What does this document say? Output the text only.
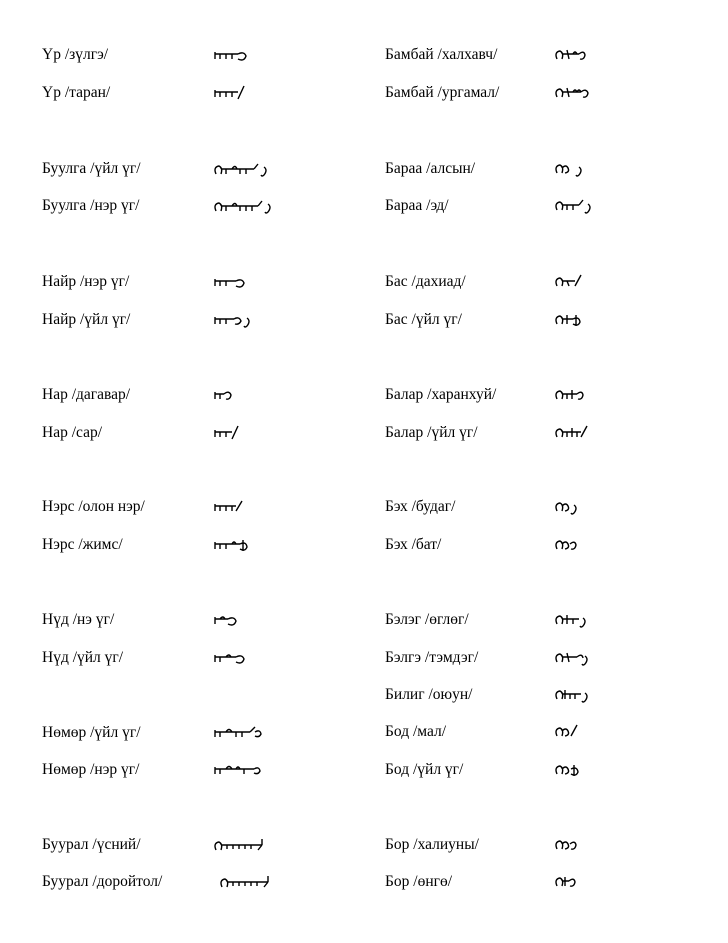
Үр /зүлгэ/
Үр /таран/
Буулга /үйл үг/
Буулга /нэр үг/
Найр /нэр үг/
Найр /үйл үг/
Нар /дагавар/
Нар /сар/
Нэрс /олон нэр/
Нэрс /жимс/
Нүд /нэ үг/
Нүд /үйл үг/
Нөмөр /үйл үг/
Нөмөр /нэр үг/
Буурал /үсний/
Буурал /доройтол/
Бамбай /халхавч/
Бамбай /ургамал/
Бараа /алсын/
Бараа /эд/
Бас /дахиад/
Бас /үйл үг/
Балар /харанхуй/
Балар /үйл үг/
Бэх /будаг/
Бэх /бат/
Бэлэг /өглөг/
Бэлгэ /тэмдэг/
Билиг /оюун/
Бод /мал/
Бод /үйл үг/
Бор /халиуны/
Бор /өнгө/
